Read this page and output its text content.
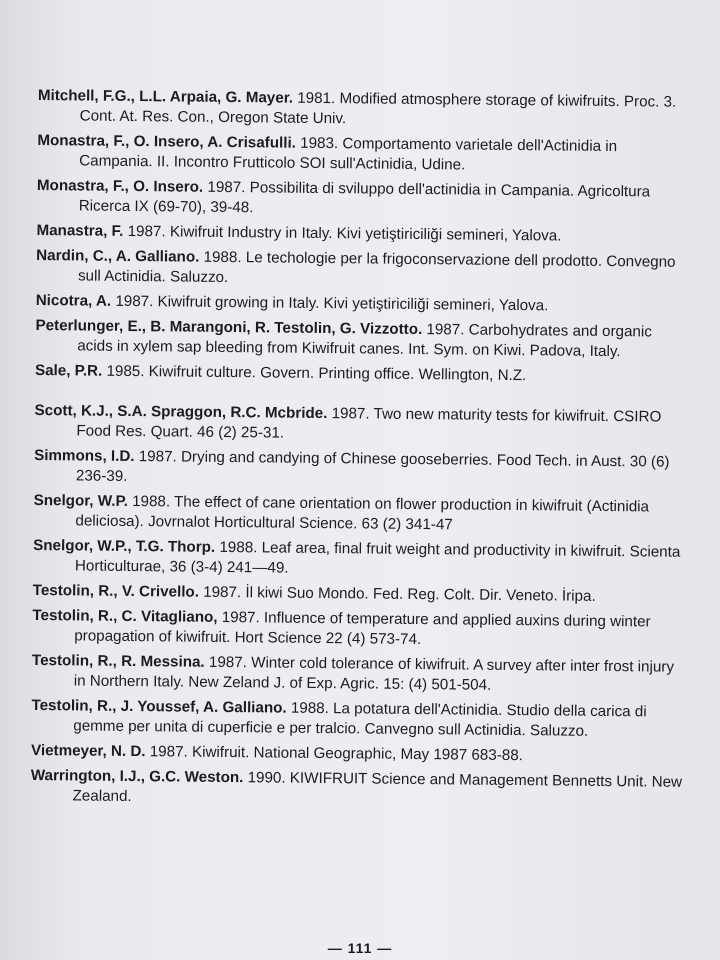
Mitchell, F.G., L.L. Arpaia, G. Mayer. 1981. Modified atmosphere storage of kiwifruits. Proc. 3. Cont. At. Res. Con., Oregon State Univ.

Monastra, F., O. Insero, A. Crisafulli. 1983. Comportamento varietale dell'Actinidia in Campania. II. Incontro Frutticolo SOI sull'Actinidia, Udine.

Monastra, F., O. Insero. 1987. Possibilita di sviluppo dell'actinidia in Campania. Agricoltura Ricerca IX (69-70), 39-48.

Manastra, F. 1987. Kiwifruit Industry in Italy. Kivi yetiştiriciliği semineri, Yalova.

Nardin, C., A. Galliano. 1988. Le techologie per la frigoconservazione dell prodotto. Convegno sull Actinidia. Saluzzo.

Nicotra, A. 1987. Kiwifruit growing in Italy. Kivi yetiştiriciliği semineri, Yalova.

Peterlunger, E., B. Marangoni, R. Testolin, G. Vizzotto. 1987. Carbohydrates and organic acids in xylem sap bleeding from Kiwifruit canes. Int. Sym. on Kiwi. Padova, Italy.

Sale, P.R. 1985. Kiwifruit culture. Govern. Printing office. Wellington, N.Z.

Scott, K.J., S.A. Spraggon, R.C. Mcbride. 1987. Two new maturity tests for kiwifruit. CSIRO Food Res. Quart. 46 (2) 25-31.

Simmons, I.D. 1987. Drying and candying of Chinese gooseberries. Food Tech. in Aust. 30 (6) 236-39.

Snelgor, W.P. 1988. The effect of cane orientation on flower production in kiwifruit (Actinidia deliciosa). Jovrnalot Horticultural Science. 63 (2) 341-47

Snelgor, W.P., T.G. Thorp. 1988. Leaf area, final fruit weight and productivity in kiwifruit. Scienta Horticulturae, 36 (3-4) 241—49.

Testolin, R., V. Crivello. 1987. İl kiwi Suo Mondo. Fed. Reg. Colt. Dir. Veneto. İripa.

Testolin, R., C. Vitagliano, 1987. Influence of temperature and applied auxins during winter propagation of kiwifruit. Hort Science 22 (4) 573-74.

Testolin, R., R. Messina. 1987. Winter cold tolerance of kiwifruit. A survey after inter frost injury in Northern Italy. New Zeland J. of Exp. Agric. 15: (4) 501-504.

Testolin, R., J. Youssef, A. Galliano. 1988. La potatura dell'Actinidia. Studio della carica di gemme per unita di cuperficie e per tralcio. Canvegno sull Actinidia. Saluzzo.

Vietmeyer, N. D. 1987. Kiwifruit. National Geographic, May 1987 683-88.

Warrington, I.J., G.C. Weston. 1990. KIWIFRUIT Science and Management Bennetts Unit. New Zealand.

— 111 —
